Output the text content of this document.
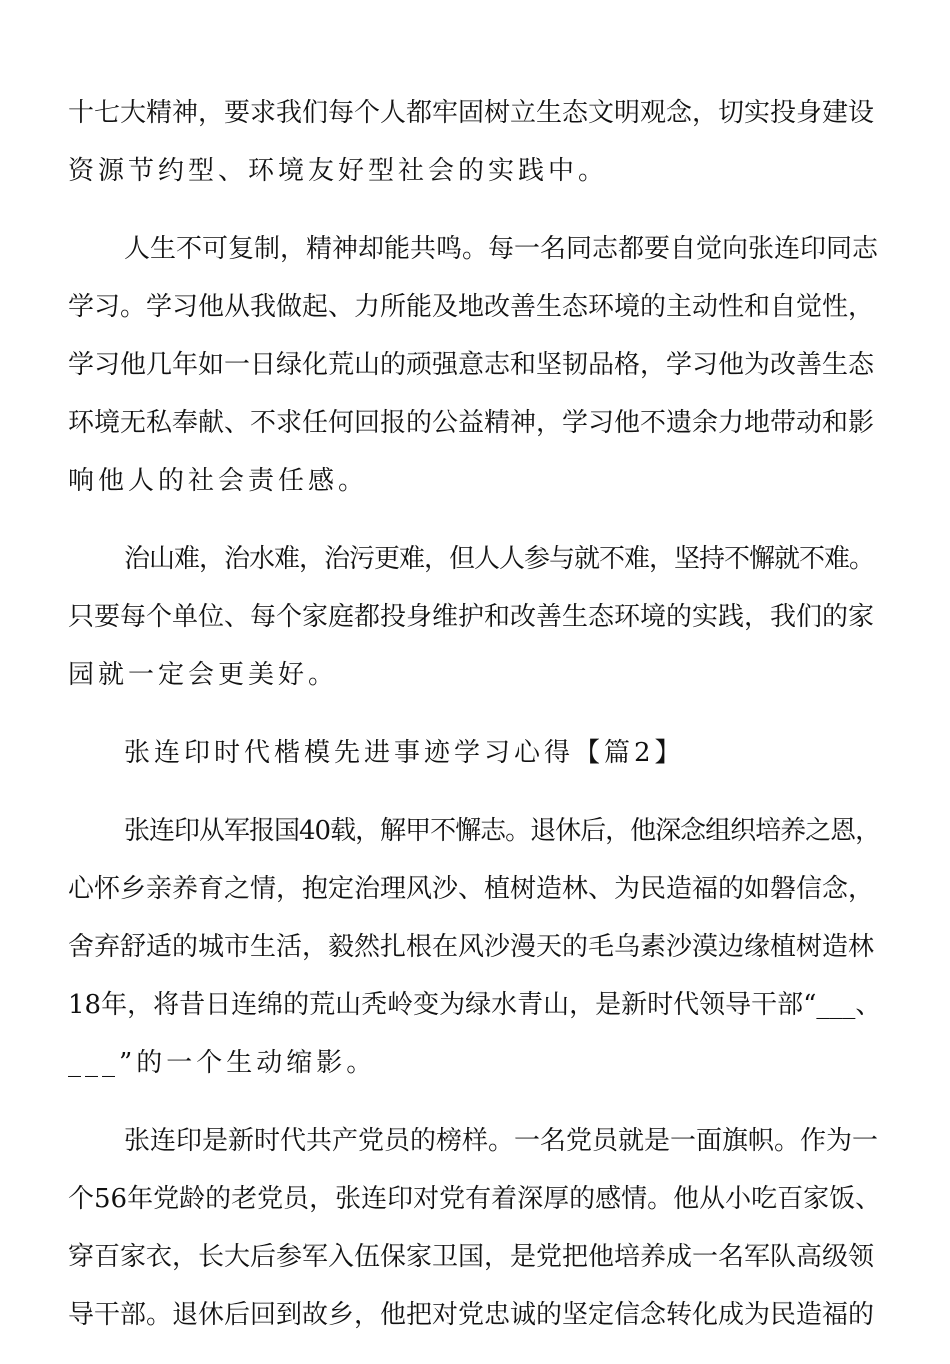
十七大精神，要求我们每个人都牢固树立生态文明观念，切实投身建设
资源节约型、环境友好型社会的实践中。
人生不可复制，精神却能共鸣。每一名同志都要自觉向张连印同志
学习。学习他从我做起、力所能及地改善生态环境的主动性和自觉性，
学习他几年如一日绿化荒山的顽强意志和坚韧品格，学习他为改善生态
环境无私奉献、不求任何回报的公益精神，学习他不遗余力地带动和影
响他人的社会责任感。
治山难，治水难，治污更难，但人人参与就不难，坚持不懈就不难。
只要每个单位、每个家庭都投身维护和改善生态环境的实践，我们的家
园就一定会更美好。
张连印时代楷模先进事迹学习心得【篇2】
张连印从军报国40载，解甲不懈志。退休后，他深念组织培养之恩，
心怀乡亲养育之情，抱定治理风沙、植树造林、为民造福的如磐信念，
舍弃舒适的城市生活，毅然扎根在风沙漫天的毛乌素沙漠边缘植树造林
18年，将昔日连绵的荒山秃岭变为绿水青山，是新时代领导干部“___、
___”的一个生动缩影。
张连印是新时代共产党员的榜样。一名党员就是一面旗帜。作为一
个56年党龄的老党员，张连印对党有着深厚的感情。他从小吃百家饭、
穿百家衣，长大后参军入伍保家卫国，是党把他培养成一名军队高级领
导干部。退休后回到故乡，他把对党忠诚的坚定信念转化成为民造福的
